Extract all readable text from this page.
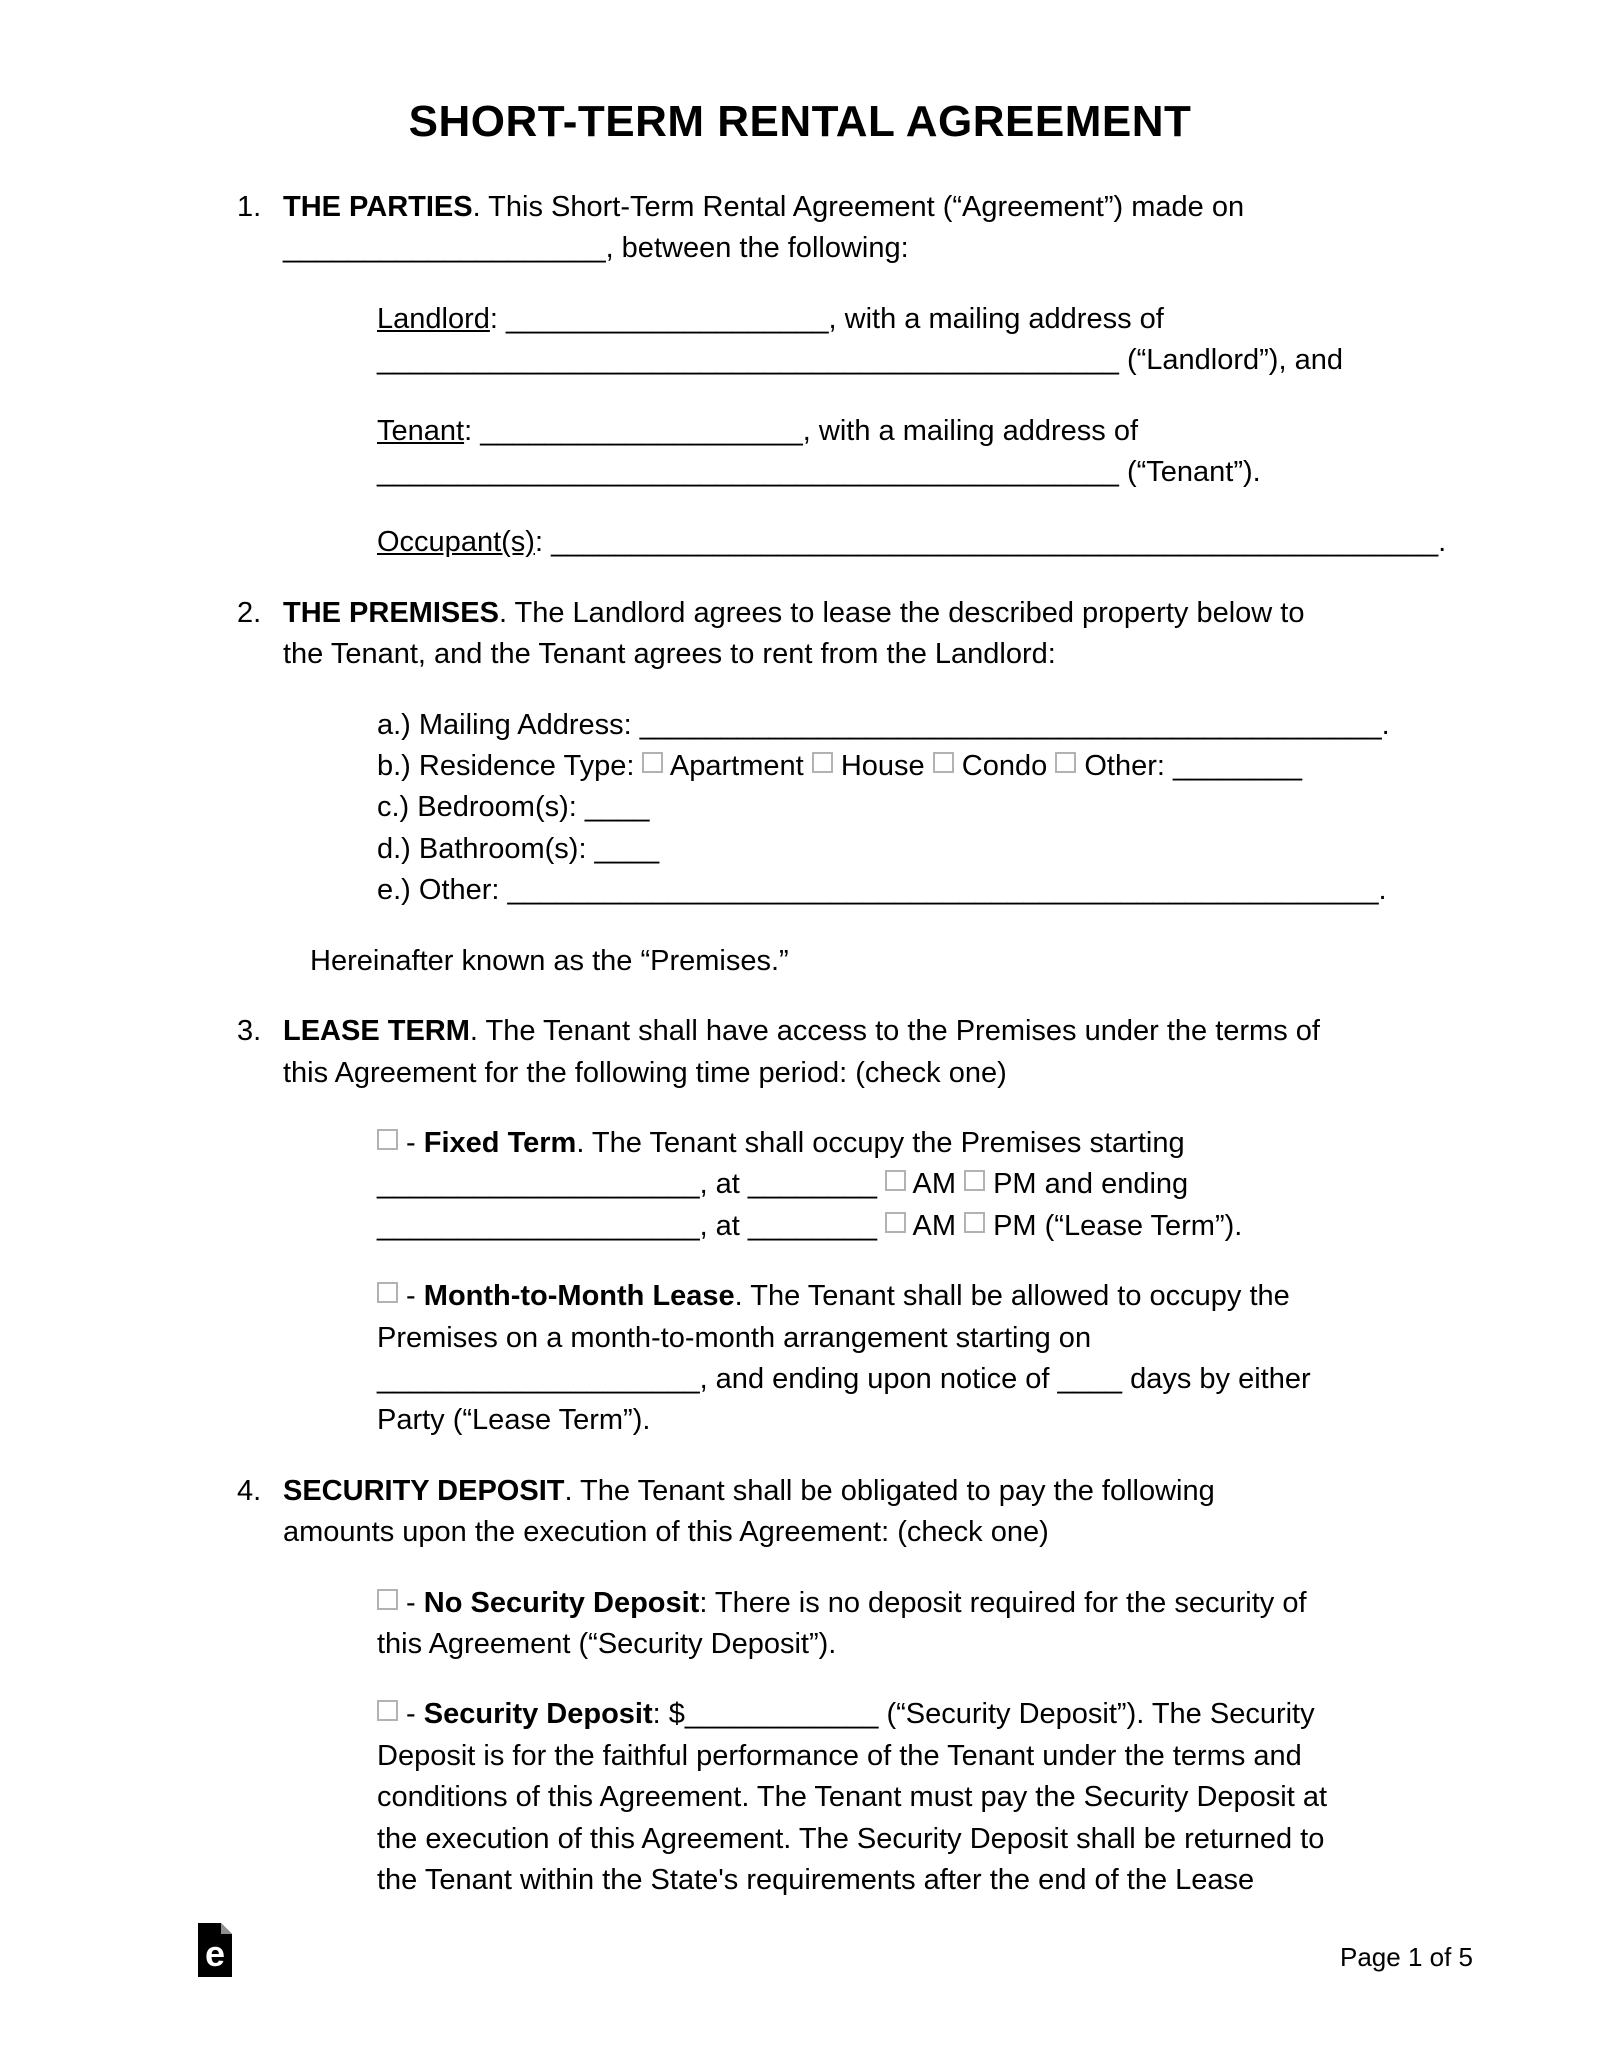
SHORT-TERM RENTAL AGREEMENT
1. THE PARTIES. This Short-Term Rental Agreement (“Agreement”) made on
____________________, between the following:
Landlord: ____________________, with a mailing address of
______________________________________________ (“Landlord”), and
Tenant: ____________________, with a mailing address of
______________________________________________ (“Tenant”).
Occupant(s): _______________________________________________________.
2. THE PREMISES. The Landlord agrees to lease the described property below to
the Tenant, and the Tenant agrees to rent from the Landlord:
a.) Mailing Address: ______________________________________________.
b.) Residence Type:  Apartment  House  Condo  Other: ________
c.) Bedroom(s): ____
d.) Bathroom(s): ____
e.) Other: ______________________________________________________.
Hereinafter known as the “Premises.”
3. LEASE TERM. The Tenant shall have access to the Premises under the terms of
this Agreement for the following time period: (check one)
- Fixed Term. The Tenant shall occupy the Premises starting
____________________, at ________  AM  PM and ending
____________________, at ________  AM  PM (“Lease Term”).
- Month-to-Month Lease. The Tenant shall be allowed to occupy the
Premises on a month-to-month arrangement starting on
____________________, and ending upon notice of ____ days by either
Party (“Lease Term”).
4. SECURITY DEPOSIT. The Tenant shall be obligated to pay the following
amounts upon the execution of this Agreement: (check one)
- No Security Deposit: There is no deposit required for the security of
this Agreement (“Security Deposit”).
- Security Deposit: $____________ (“Security Deposit”). The Security
Deposit is for the faithful performance of the Tenant under the terms and
conditions of this Agreement. The Tenant must pay the Security Deposit at
the execution of this Agreement. The Security Deposit shall be returned to
the Tenant within the State's requirements after the end of the Lease
e	Page 1 of 5
